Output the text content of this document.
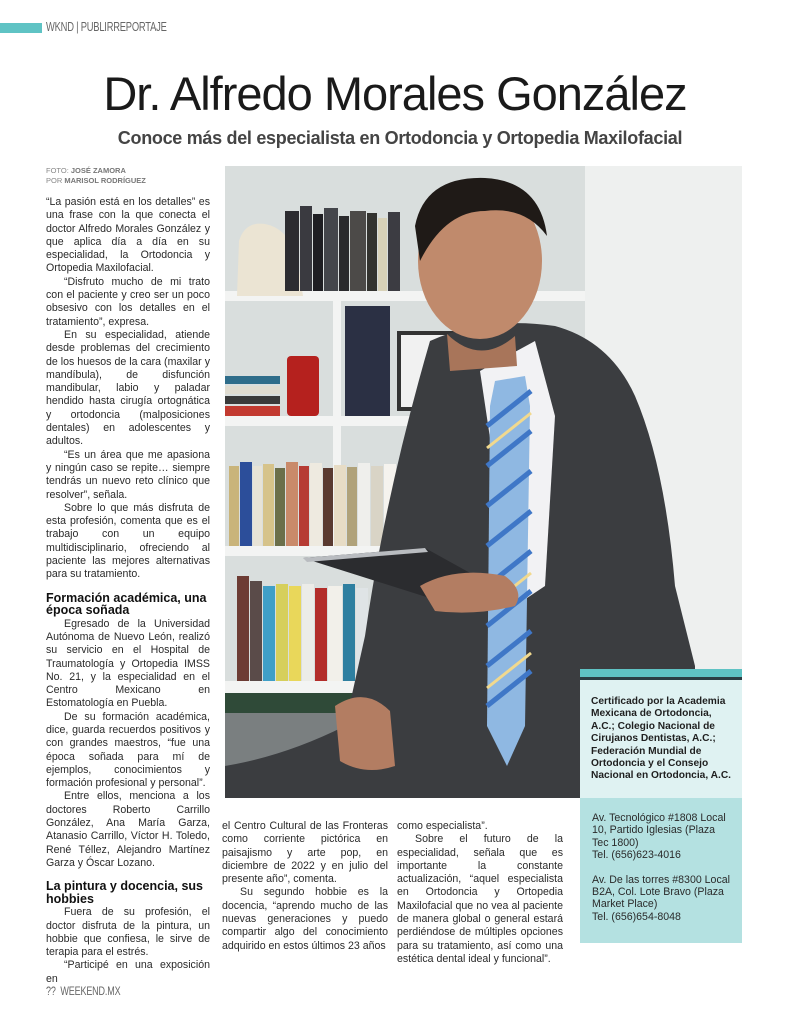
WKND | PUBLIRREPORTAJE
Dr. Alfredo Morales González
Conoce más del especialista en Ortodoncia y Ortopedia Maxilofacial
FOTO: JOSÉ ZAMORA
POR MARISOL RODRÍGUEZ

“La pasión está en los detalles” es una frase con la que conecta el doctor Alfredo Morales González y que aplica día a día en su especialidad, la Ortodoncia y Ortopedia Maxilofacial.

“Disfruto mucho de mi trato con el paciente y creo ser un poco obsesivo con los detalles en el tratamiento”, expresa.

En su especialidad, atiende desde problemas del crecimiento de los huesos de la cara (maxilar y mandíbula), de disfunción mandibular, labio y paladar hendido hasta cirugía ortognática y ortodoncia (malposiciones dentales) en adolescentes y adultos.

“Es un área que me apasiona y ningún caso se repite… siempre tendrás un nuevo reto clínico que resolver”, señala.

Sobre lo que más disfruta de esta profesión, comenta que es el trabajo con un equipo multidisciplinario, ofreciendo al paciente las mejores alternativas para su tratamiento.

Formación académica, una época soñada

Egresado de la Universidad Autónoma de Nuevo León, realizó su servicio en el Hospital de Traumatología y Ortopedia IMSS No. 21, y la especialidad en el Centro Mexicano en Estomatología en Puebla.

De su formación académica, dice, guarda recuerdos positivos y con grandes maestros, “fue una época soñada para mí de ejemplos, conocimientos y formación profesional y personal”.

Entre ellos, menciona a los doctores Roberto Carrillo González, Ana María Garza, Atanasio Carrillo, Víctor H. Toledo, René Téllez, Alejandro Martínez Garza y Óscar Lozano.

La pintura y docencia, sus hobbies

Fuera de su profesión, el doctor disfruta de la pintura, un hobbie que confiesa, le sirve de terapia para el estrés.

“Participé en una exposición en

Certificado por la Academia Mexicana de Ortodoncia, A.C.; Colegio Nacional de Cirujanos Dentistas, A.C.; Federación Mundial de Ortodoncia y el Consejo Nacional en Ortodoncia, A.C.
Av. Tecnológico #1808 Local 10, Partido Iglesias (Plaza Tec 1800)
Tel. (656)623-4016
Av. De las torres #8300 Local B2A, Col. Lote Bravo (Plaza Market Place)
Tel. (656)654-8048

el Centro Cultural de las Fronteras como corriente pictórica en paisajismo y arte pop, en diciembre de 2022 y en julio del presente año”, comenta.

Su segundo hobbie es la docencia, “aprendo mucho de las nuevas generaciones y puedo compartir algo del conocimiento adquirido en estos últimos 23 años

como especialista”.

Sobre el futuro de la especialidad, señala que es importante la constante actualización, “aquel especialista en Ortodoncia y Ortopedia Maxilofacial que no vea al paciente de manera global o general estará perdiéndose de múltiples opciones para su tratamiento, así como una estética dental ideal y funcional”.

?? WEEKEND.MX
